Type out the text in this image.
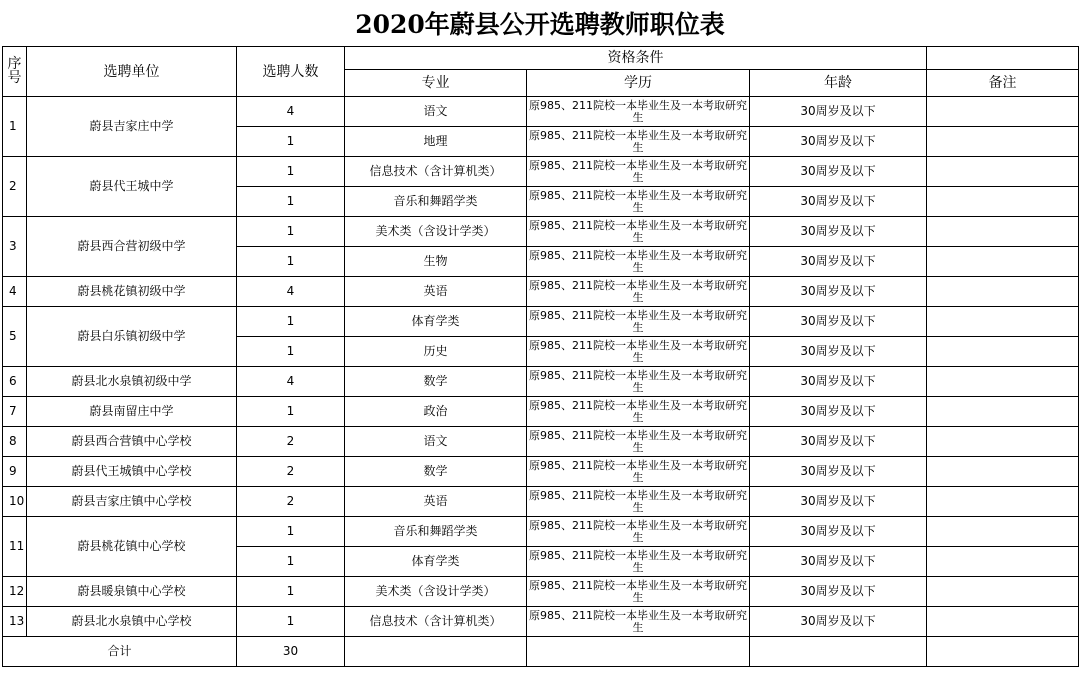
2020年蔚县公开选聘教师职位表
序号	选聘单位	选聘人数	资格条件			
			专业	学历	年龄	备注
1	蔚县吉家庄中学	4	语文	原985、211院校一本毕业生及一本考取研究生	30周岁及以下	
		1	地理	原985、211院校一本毕业生及一本考取研究生	30周岁及以下	
2	蔚县代王城中学	1	信息技术（含计算机类）	原985、211院校一本毕业生及一本考取研究生	30周岁及以下	
		1	音乐和舞蹈学类	原985、211院校一本毕业生及一本考取研究生	30周岁及以下	
3	蔚县西合营初级中学	1	美术类（含设计学类）	原985、211院校一本毕业生及一本考取研究生	30周岁及以下	
		1	生物	原985、211院校一本毕业生及一本考取研究生	30周岁及以下	
4	蔚县桃花镇初级中学	4	英语	原985、211院校一本毕业生及一本考取研究生	30周岁及以下	
5	蔚县白乐镇初级中学	1	体育学类	原985、211院校一本毕业生及一本考取研究生	30周岁及以下	
		1	历史	原985、211院校一本毕业生及一本考取研究生	30周岁及以下	
6	蔚县北水泉镇初级中学	4	数学	原985、211院校一本毕业生及一本考取研究生	30周岁及以下	
7	蔚县南留庄中学	1	政治	原985、211院校一本毕业生及一本考取研究生	30周岁及以下	
8	蔚县西合营镇中心学校	2	语文	原985、211院校一本毕业生及一本考取研究生	30周岁及以下	
9	蔚县代王城镇中心学校	2	数学	原985、211院校一本毕业生及一本考取研究生	30周岁及以下	
10	蔚县吉家庄镇中心学校	2	英语	原985、211院校一本毕业生及一本考取研究生	30周岁及以下	
11	蔚县桃花镇中心学校	1	音乐和舞蹈学类	原985、211院校一本毕业生及一本考取研究生	30周岁及以下	
		1	体育学类	原985、211院校一本毕业生及一本考取研究生	30周岁及以下	
12	蔚县暖泉镇中心学校	1	美术类（含设计学类）	原985、211院校一本毕业生及一本考取研究生	30周岁及以下	
13	蔚县北水泉镇中心学校	1	信息技术（含计算机类）	原985、211院校一本毕业生及一本考取研究生	30周岁及以下	
合计		30				
